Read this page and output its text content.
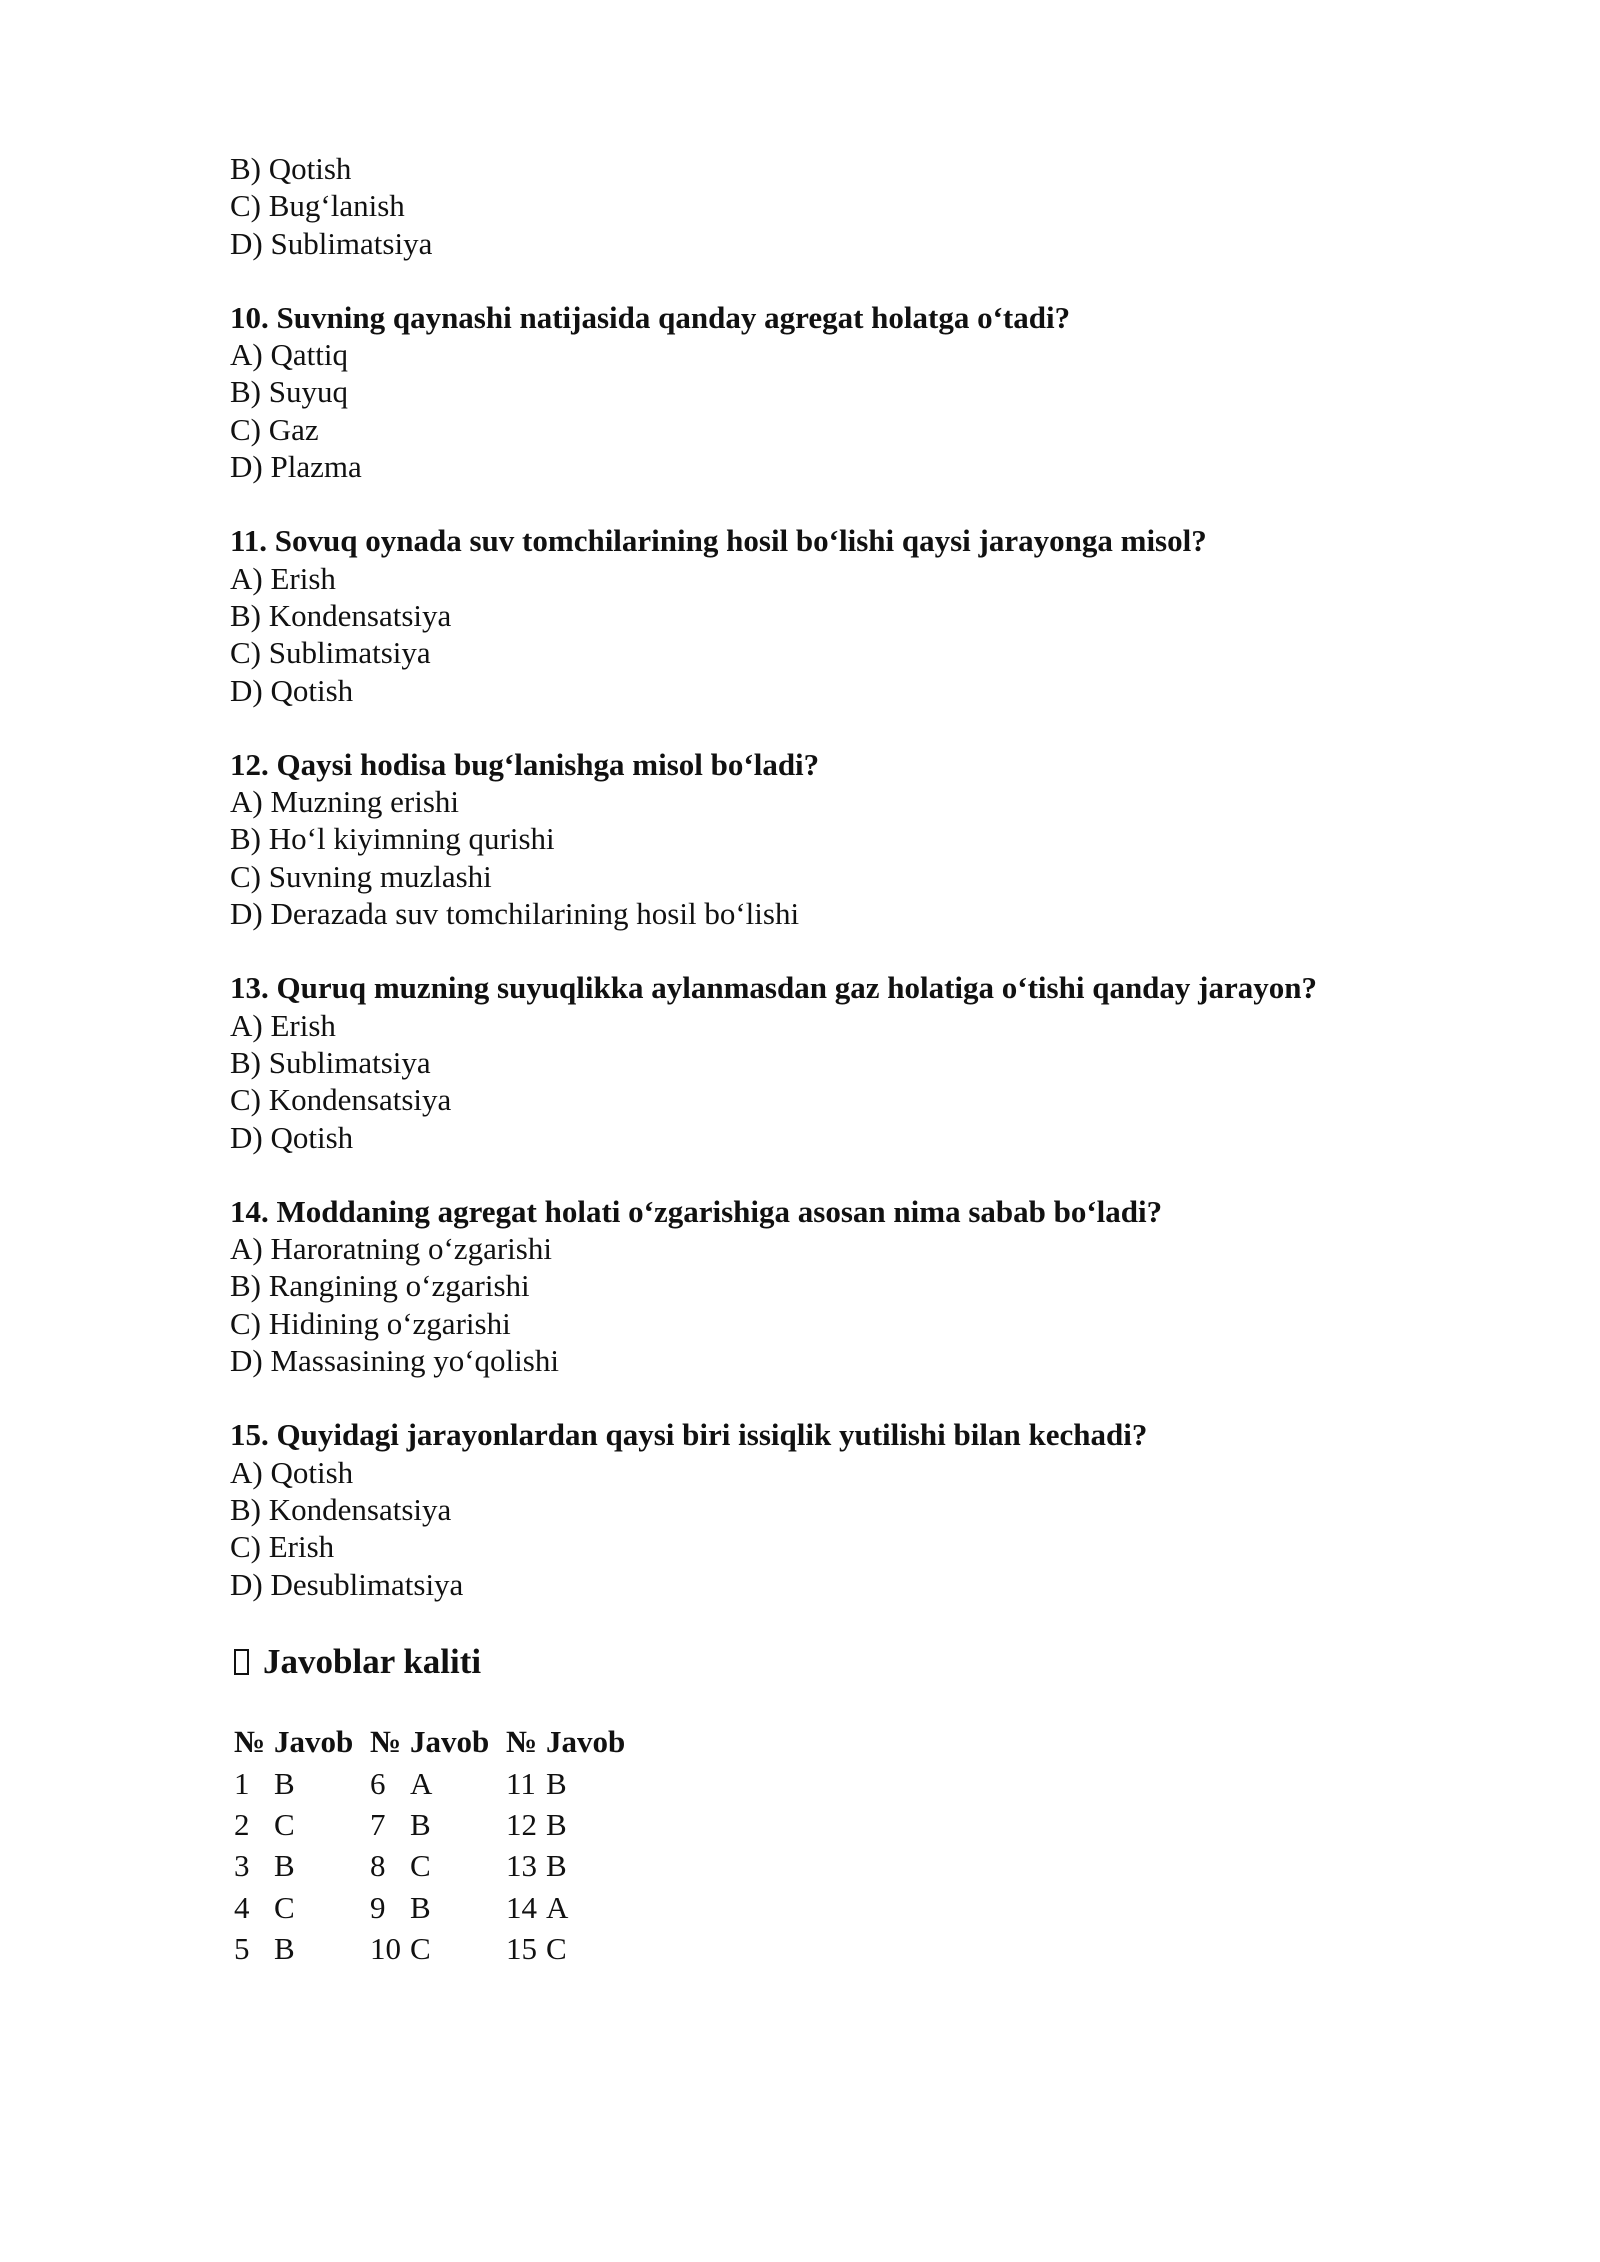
B) Qotish
C) Bug‘lanish
D) Sublimatsiya
10. Suvning qaynashi natijasida qanday agregat holatga o‘tadi?
A) Qattiq
B) Suyuq
C) Gaz
D) Plazma
11. Sovuq oynada suv tomchilarining hosil bo‘lishi qaysi jarayonga misol?
A) Erish
B) Kondensatsiya
C) Sublimatsiya
D) Qotish
12. Qaysi hodisa bug‘lanishga misol bo‘ladi?
A) Muzning erishi
B) Ho‘l kiyimning qurishi
C) Suvning muzlashi
D) Derazada suv tomchilarining hosil bo‘lishi
13. Quruq muzning suyuqlikka aylanmasdan gaz holatiga o‘tishi qanday jarayon?
A) Erish
B) Sublimatsiya
C) Kondensatsiya
D) Qotish
14. Moddaning agregat holati o‘zgarishiga asosan nima sabab bo‘ladi?
A) Haroratning o‘zgarishi
B) Rangining o‘zgarishi
C) Hidining o‘zgarishi
D) Massasining yo‘qolishi
15. Quyidagi jarayonlardan qaysi biri issiqlik yutilishi bilan kechadi?
A) Qotish
B) Kondensatsiya
C) Erish
D) Desublimatsiya
Javoblar kaliti
№	Javob	№	Javob	№	Javob
1	B	6	A	11	B
2	C	7	B	12	B
3	B	8	C	13	B
4	C	9	B	14	A
5	B	10	C	15	C
